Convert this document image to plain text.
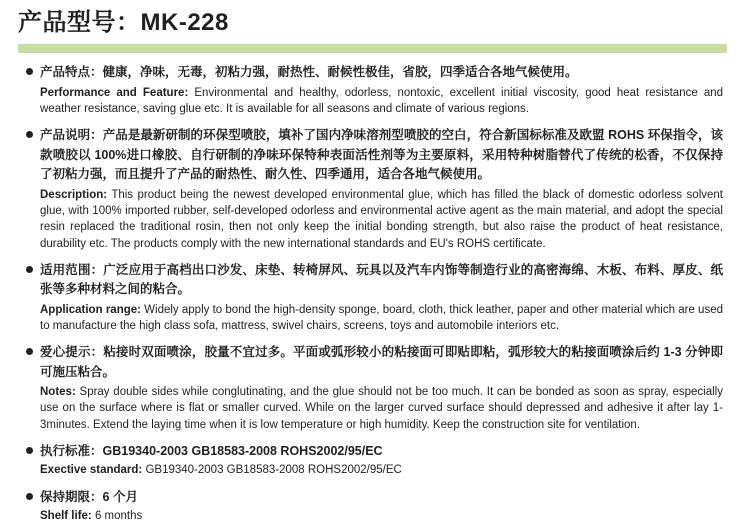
产品型号：MK-228
产品特点：健康，净味，无毒，初粘力强，耐热性、耐候性极佳，省胶，四季适合各地气候使用。
Performance and Feature: Environmental and healthy, odorless, nontoxic, excellent initial viscosity, good heat resistance and weather resistance, saving glue etc. It is available for all seasons and climate of various regions.
产品说明：产品是最新研制的环保型喷胶，填补了国内净味溶剂型喷胶的空白，符合新国标标准及欧盟 ROHS 环保指令，该款喷胶以 100%进口橡胶、自行研制的净味环保特种表面活性剂等为主要原料，采用特种树脂替代了传统的松香，不仅保持了初粘力强，而且提升了产品的耐热性、耐久性、四季通用，适合各地气候使用。
Description: This product being the newest developed environmental glue, which has filled the black of domestic odorless solvent glue, with 100% imported rubber, self-developed odorless and environmental active agent as the main material, and adopt the special resin replaced the traditional rosin, then not only keep the initial bonding strength, but also raise the product of heat resistance, durability etc. The products comply with the new international standards and EU's ROHS certificate.
适用范围：广泛应用于高档出口沙发、床垫、转椅屏风、玩具以及汽车内饰等制造行业的高密海绵、木板、布料、厚皮、纸张等多种材料之间的粘合。
Application range: Widely apply to bond the high-density sponge, board, cloth, thick leather, paper and other material which are used to manufacture the high class sofa, mattress, swivel chairs, screens, toys and automobile interiors etc.
爱心提示：粘接时双面喷涂，胶量不宜过多。平面或弧形较小的粘接面可即贴即粘，弧形较大的粘接面喷涂后约 1-3 分钟即可施压粘合。
Notes: Spray double sides while conglutinating, and the glue should not be too much. It can be bonded as soon as spray, especially use on the surface where is flat or smaller curved. While on the larger curved surface should depressed and adhesive it after lay 1-3minutes. Extend the laying time when it is low temperature or high humidity. Keep the construction site for ventilation.
执行标准：GB19340-2003 GB18583-2008 ROHS2002/95/EC
Exective standard: GB19340-2003 GB18583-2008 ROHS2002/95/EC
保持期限：6 个月
Shelf life: 6 months
